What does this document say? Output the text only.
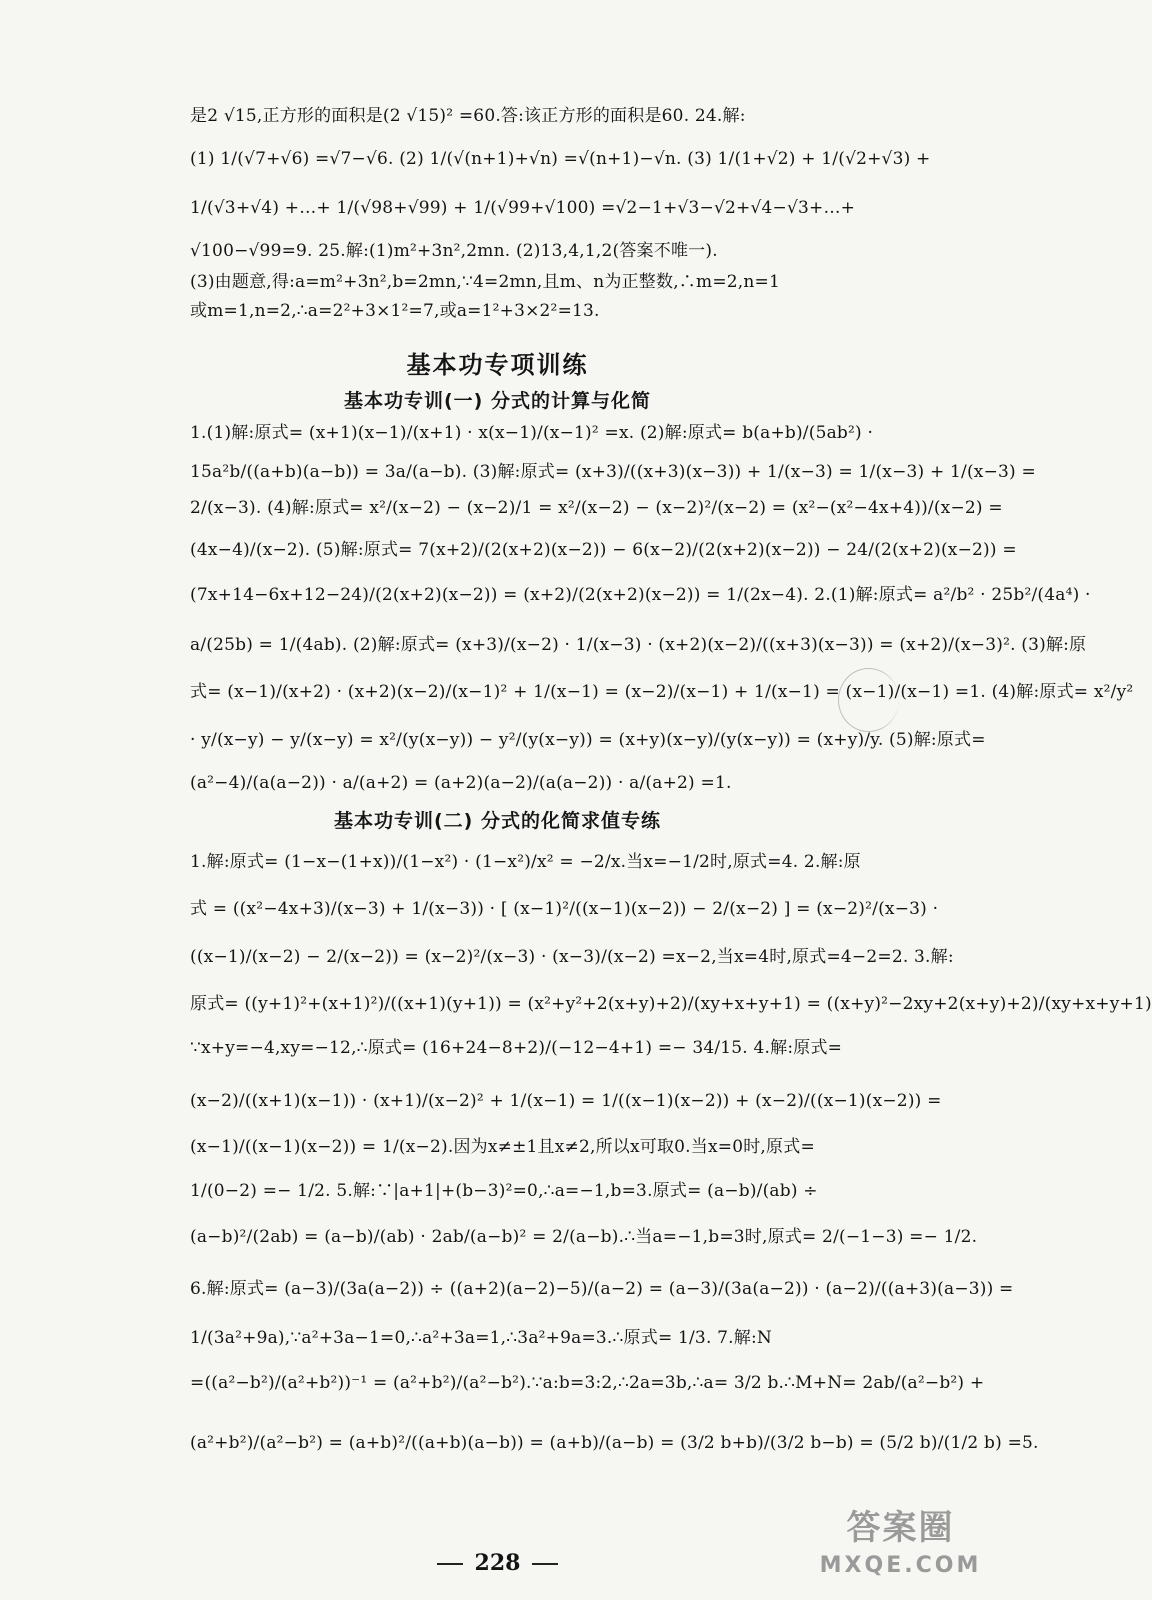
是2 √15,正方形的面积是(2 √15)² =60.答:该正方形的面积是60. 24.解:
(1) 1/(√7+√6) =√7−√6. (2) 1/(√(n+1)+√n) =√(n+1)−√n. (3) 1/(1+√2) + 1/(√2+√3) +
1/(√3+√4) +…+ 1/(√98+√99) + 1/(√99+√100) =√2−1+√3−√2+√4−√3+…+
√100−√99=9. 25.解:(1)m²+3n²,2mn. (2)13,4,1,2(答案不唯一).
(3)由题意,得:a=m²+3n²,b=2mn,∵4=2mn,且m、n为正整数,∴m=2,n=1
或m=1,n=2,∴a=2²+3×1²=7,或a=1²+3×2²=13.
基本功专项训练
基本功专训(一) 分式的计算与化简
1.(1)解:原式= (x+1)(x−1)/(x+1) · x(x−1)/(x−1)² =x. (2)解:原式= b(a+b)/(5ab²) ·
15a²b/((a+b)(a−b)) = 3a/(a−b). (3)解:原式= (x+3)/((x+3)(x−3)) + 1/(x−3) = 1/(x−3) + 1/(x−3) =
2/(x−3). (4)解:原式= x²/(x−2) − (x−2)/1 = x²/(x−2) − (x−2)²/(x−2) = (x²−(x²−4x+4))/(x−2) =
(4x−4)/(x−2). (5)解:原式= 7(x+2)/(2(x+2)(x−2)) − 6(x−2)/(2(x+2)(x−2)) − 24/(2(x+2)(x−2)) =
(7x+14−6x+12−24)/(2(x+2)(x−2)) = (x+2)/(2(x+2)(x−2)) = 1/(2x−4). 2.(1)解:原式= a²/b² · 25b²/(4a⁴) ·
a/(25b) = 1/(4ab). (2)解:原式= (x+3)/(x−2) · 1/(x−3) · (x+2)(x−2)/((x+3)(x−3)) = (x+2)/(x−3)². (3)解:原
式= (x−1)/(x+2) · (x+2)(x−2)/(x−1)² + 1/(x−1) = (x−2)/(x−1) + 1/(x−1) = (x−1)/(x−1) =1. (4)解:原式= x²/y²
· y/(x−y) − y/(x−y) = x²/(y(x−y)) − y²/(y(x−y)) = (x+y)(x−y)/(y(x−y)) = (x+y)/y. (5)解:原式=
(a²−4)/(a(a−2)) · a/(a+2) = (a+2)(a−2)/(a(a−2)) · a/(a+2) =1.
基本功专训(二) 分式的化简求值专练
1.解:原式= (1−x−(1+x))/(1−x²) · (1−x²)/x² = −2/x.当x=−1/2时,原式=4. 2.解:原
式 = ((x²−4x+3)/(x−3) + 1/(x−3)) · [ (x−1)²/((x−1)(x−2)) − 2/(x−2) ] = (x−2)²/(x−3) ·
((x−1)/(x−2) − 2/(x−2)) = (x−2)²/(x−3) · (x−3)/(x−2) =x−2,当x=4时,原式=4−2=2. 3.解:
原式= ((y+1)²+(x+1)²)/((x+1)(y+1)) = (x²+y²+2(x+y)+2)/(xy+x+y+1) = ((x+y)²−2xy+2(x+y)+2)/(xy+x+y+1)
∵x+y=−4,xy=−12,∴原式= (16+24−8+2)/(−12−4+1) =− 34/15. 4.解:原式=
(x−2)/((x+1)(x−1)) · (x+1)/(x−2)² + 1/(x−1) = 1/((x−1)(x−2)) + (x−2)/((x−1)(x−2)) =
(x−1)/((x−1)(x−2)) = 1/(x−2).因为x≠±1且x≠2,所以x可取0.当x=0时,原式=
1/(0−2) =− 1/2. 5.解:∵|a+1|+(b−3)²=0,∴a=−1,b=3.原式= (a−b)/(ab) ÷
(a−b)²/(2ab) = (a−b)/(ab) · 2ab/(a−b)² = 2/(a−b).∴当a=−1,b=3时,原式= 2/(−1−3) =− 1/2.
6.解:原式= (a−3)/(3a(a−2)) ÷ ((a+2)(a−2)−5)/(a−2) = (a−3)/(3a(a−2)) · (a−2)/((a+3)(a−3)) =
1/(3a²+9a),∵a²+3a−1=0,∴a²+3a=1,∴3a²+9a=3.∴原式= 1/3. 7.解:N
=((a²−b²)/(a²+b²))⁻¹ = (a²+b²)/(a²−b²).∵a:b=3:2,∴2a=3b,∴a= 3/2 b.∴M+N= 2ab/(a²−b²) +
(a²+b²)/(a²−b²) = (a+b)²/((a+b)(a−b)) = (a+b)/(a−b) = (3/2 b+b)/(3/2 b−b) = (5/2 b)/(1/2 b) =5.
228
答案圈
MXQE.COM
